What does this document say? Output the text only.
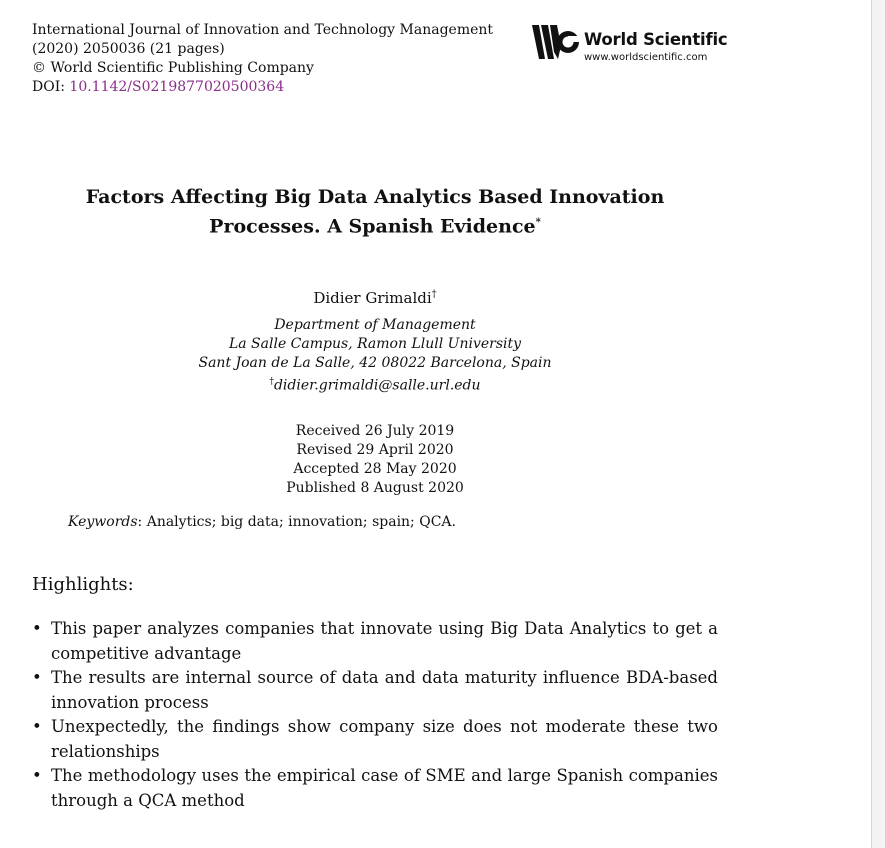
International Journal of Innovation and Technology Management
(2020) 2050036 (21 pages)
© World Scientific Publishing Company
DOI: 10.1142/S0219877020500364
World Scientific
www.worldscientific.com
Factors Affecting Big Data Analytics Based Innovation
Processes. A Spanish Evidence*
Didier Grimaldi†
Department of Management
La Salle Campus, Ramon Llull University
Sant Joan de La Salle, 42 08022 Barcelona, Spain
†didier.grimaldi@salle.url.edu
Received 26 July 2019
Revised 29 April 2020
Accepted 28 May 2020
Published 8 August 2020
Keywords: Analytics; big data; innovation; spain; QCA.
Highlights:
• This paper analyzes companies that innovate using Big Data Analytics to get a competitive advantage
• The results are internal source of data and data maturity influence BDA-based innovation process
• Unexpectedly, the findings show company size does not moderate these two relationships
• The methodology uses the empirical case of SME and large Spanish companies through a QCA method
